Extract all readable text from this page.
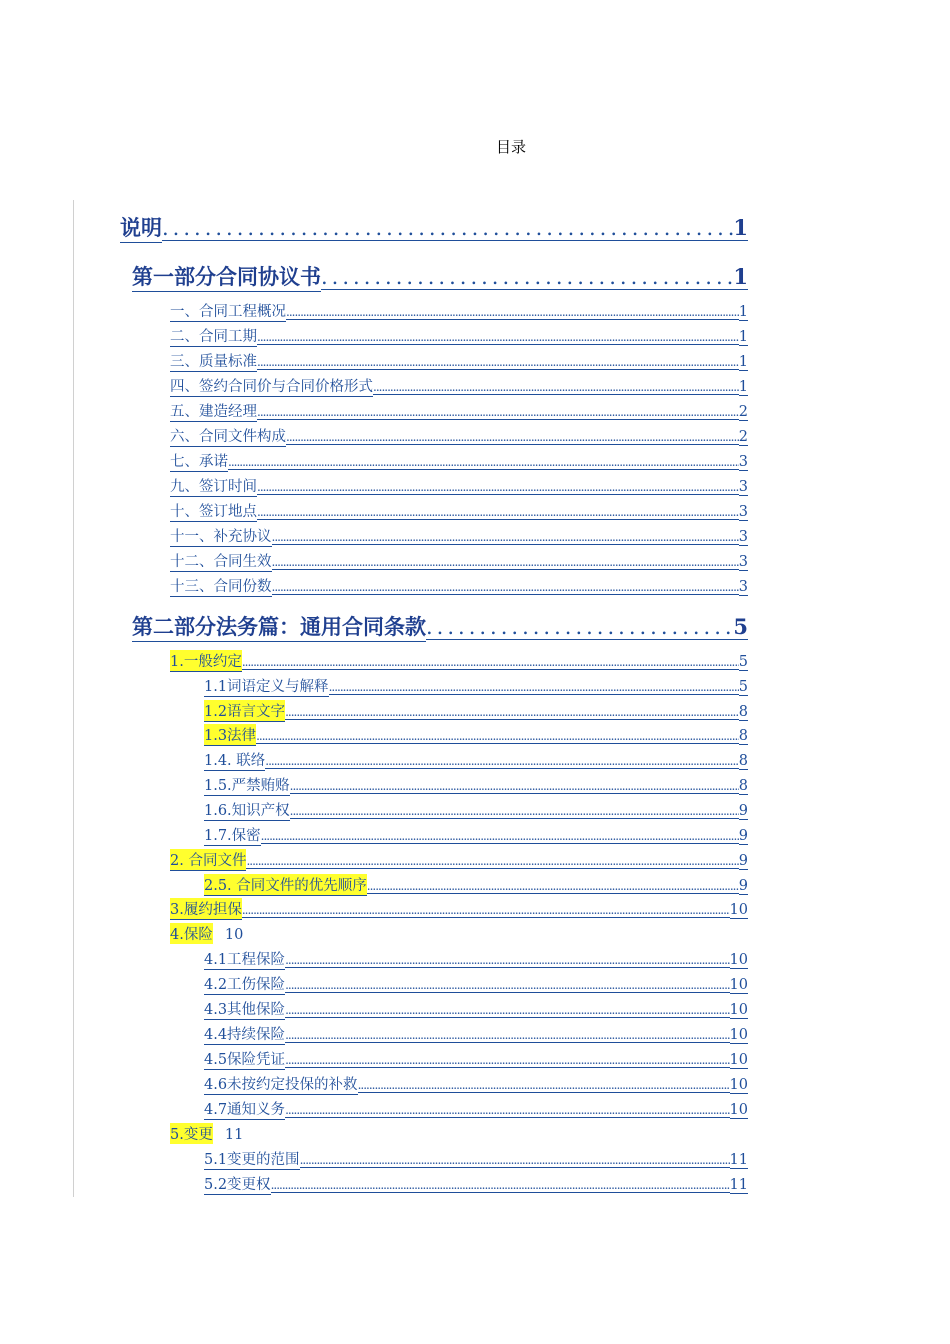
目录
说明 .....	1
第一部分合同协议书 .....	1
一、合同工程概况 .....	1
二、合同工期 .....	1
三、质量标准 .....	1
四、签约合同价与合同价格形式 .....	1
五、建造经理 .....	2
六、合同文件构成 .....	2
七、承诺 .....	3
九、签订时间 .....	3
十、签订地点 .....	3
十一、补充协议 .....	3
十二、合同生效 .....	3
十三、合同份数 .....	3
第二部分法务篇：通用合同条款 .....	5
1.一般约定 .....	5
1.1词语定义与解释 .....	5
1.2语言文字 .....	8
1.3法律 .....	8
1.4. 联络 .....	8
1.5.严禁贿赂 .....	8
1.6.知识产权 .....	9
1.7.保密 .....	9
2. 合同文件 .....	9
2.5. 合同文件的优先顺序 .....	9
3.履约担保 .....	10
4.保险 10
4.1工程保险 .....	10
4.2工伤保险 .....	10
4.3其他保险 .....	10
4.4持续保险 .....	10
4.5保险凭证 .....	10
4.6未按约定投保的补救 .....	10
4.7通知义务 .....	10
5.变更 11
5.1变更的范围 .....	11
5.2变更权 .....	11
